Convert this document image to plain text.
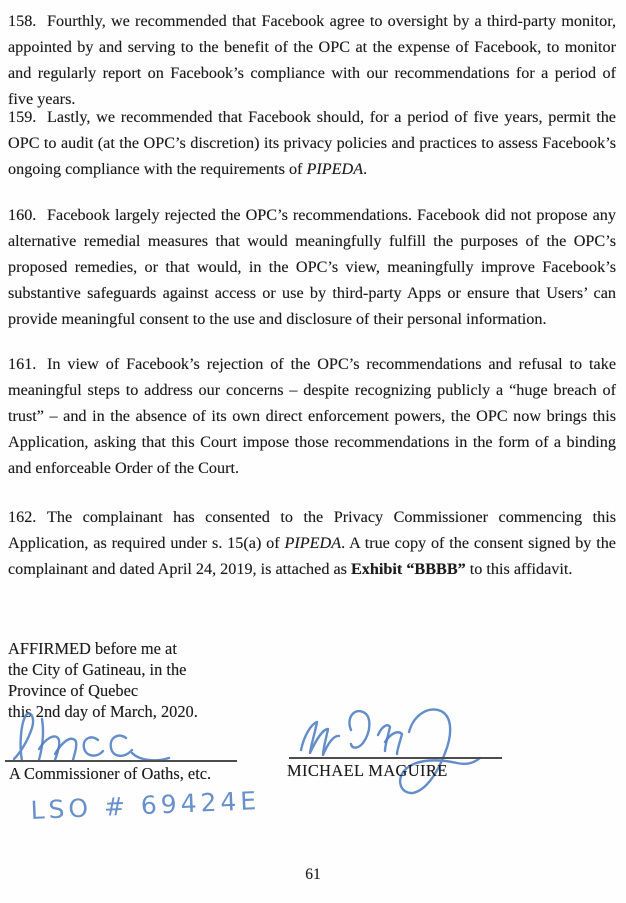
158. Fourthly, we recommended that Facebook agree to oversight by a third-party monitor, appointed by and serving to the benefit of the OPC at the expense of Facebook, to monitor and regularly report on Facebook’s compliance with our recommendations for a period of five years.

159. Lastly, we recommended that Facebook should, for a period of five years, permit the OPC to audit (at the OPC’s discretion) its privacy policies and practices to assess Facebook’s ongoing compliance with the requirements of PIPEDA.

160. Facebook largely rejected the OPC’s recommendations. Facebook did not propose any alternative remedial measures that would meaningfully fulfill the purposes of the OPC’s proposed remedies, or that would, in the OPC’s view, meaningfully improve Facebook’s substantive safeguards against access or use by third-party Apps or ensure that Users’ can provide meaningful consent to the use and disclosure of their personal information.

161. In view of Facebook’s rejection of the OPC’s recommendations and refusal to take meaningful steps to address our concerns – despite recognizing publicly a “huge breach of trust” – and in the absence of its own direct enforcement powers, the OPC now brings this Application, asking that this Court impose those recommendations in the form of a binding and enforceable Order of the Court.

162. The complainant has consented to the Privacy Commissioner commencing this Application, as required under s. 15(a) of PIPEDA. A true copy of the consent signed by the complainant and dated April 24, 2019, is attached as Exhibit “BBBB” to this affidavit.

AFFIRMED before me at
the City of Gatineau, in the
Province of Quebec
this 2nd day of March, 2020.
A Commissioner of Oaths, etc.	MICHAEL MAGUIRE
LSO # 69424E
61
